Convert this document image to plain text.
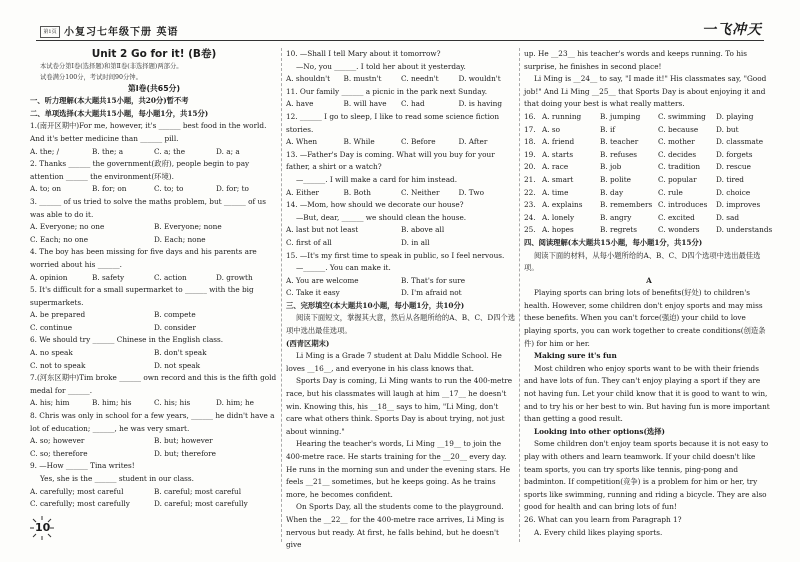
第1页 小复习七年级下册 英语	一飞冲天

Unit 2 Go for it! (B卷)

本试卷分第Ⅰ卷(选择题)和第Ⅱ卷(非选择题)两部分。

试卷满分100分，考试时间90分钟。

第Ⅰ卷(共65分)

一、听力理解(本大题共15小题，共20分)暂不考

二、单项选择(本大题共15小题，每小题1分，共15分)

1.(南开区期中)For me, however, it's ______ best food in the world. And it's better medicine than ______ pill.

A. the; /	B. the; a	C. a; the	D. a; a

2. Thanks ______ the government(政府), people begin to pay attention ______ the environment(环境).

A. to; on	B. for; on	C. to; to	D. for; to

3. ______ of us tried to solve the maths problem, but ______ of us was able to do it.

A. Everyone; no one	B. Everyone; none
C. Each; no one	D. Each; none

4. The boy has been missing for five days and his parents are worried about his ______.

A. opinion	B. safety	C. action	D. growth

5. It's difficult for a small supermarket to ______ with the big supermarkets.

A. be prepared	B. compete
C. continue	D. consider

6. We should try ______ Chinese in the English class.

A. no speak	B. don't speak
C. not to speak	D. not speak

7.(河东区期中)Tim broke ______ own record and this is the fifth gold medal for ______.

A. his; him	B. him; his	C. his; his	D. him; he

8. Chris was only in school for a few years, ______ he didn't have a lot of education; ______, he was very smart.

A. so; however	B. but; however
C. so; therefore	D. but; therefore

9. —How ______ Tina writes!

Yes, she is the ______ student in our class.

A. carefully; most careful	B. careful; most careful
C. carefully; most carefully	D. careful; most carefully

10. —Shall I tell Mary about it tomorrow?

—No, you ______. I told her about it yesterday.

A. shouldn't	B. mustn't	C. needn't	D. wouldn't

11. Our family ______ a picnic in the park next Sunday.

A. have	B. will have	C. had	D. is having

12. ______ I go to sleep, I like to read some science fiction stories.

A. When	B. While	C. Before	D. After

13. —Father's Day is coming. What will you buy for your father, a shirt or a watch?

—______. I will make a card for him instead.

A. Either	B. Both	C. Neither	D. Two

14. —Mom, how should we decorate our house?

—But, dear, ______ we should clean the house.

A. last but not least	B. above all
C. first of all	D. in all

15. —It's my first time to speak in public, so I feel nervous.

—______. You can make it.

A. You are welcome	B. That's for sure
C. Take it easy	D. I'm afraid not

三、完形填空(本大题共10小题，每小题1分，共10分)

阅读下面短文，掌握其大意，然后从各题所给的A、B、C、D四个选项中选出最佳选项。

(西青区期末)

Li Ming is a Grade 7 student at Dalu Middle School. He loves __16__, and everyone in his class knows that.

Sports Day is coming, Li Ming wants to run the 400-metre race, but his classmates will laugh at him __17__ he doesn't win. Knowing this, his __18__ says to him, "Li Ming, don't care what others think. Sports Day is about trying, not just about winning."

Hearing the teacher's words, Li Ming __19__ to join the 400-metre race. He starts training for the __20__ every day. He runs in the morning sun and under the evening stars. He feels __21__ sometimes, but he keeps going. As he trains more, he becomes confident.

On Sports Day, all the students come to the playground. When the __22__ for the 400-metre race arrives, Li Ming is nervous but ready. At first, he falls behind, but he doesn't give

up. He __23__ his teacher's words and keeps running. To his surprise, he finishes in second place!

Li Ming is __24__ to say, "I made it!" His classmates say, "Good job!" And Li Ming __25__ that Sports Day is about enjoying it and that doing your best is what really matters.

16. A. running	B. jumping	C. swimming	D. playing
17. A. so	B. if	C. because	D. but
18. A. friend	B. teacher	C. mother	D. classmate
19. A. starts	B. refuses	C. decides	D. forgets
20. A. race	B. job	C. tradition	D. rescue
21. A. smart	B. polite	C. popular	D. tired
22. A. time	B. day	C. rule	D. choice
23. A. explains	B. remembers C. introduces	D. improves
24. A. lonely	B. angry	C. excited	D. sad
25. A. hopes	B. regrets	C. wonders	D. understands

四、阅读理解(本大题共15小题，每小题1分，共15分)

阅读下面的材料，从每小题所给的A、B、C、D四个选项中选出最佳选项。

A

Playing sports can bring lots of benefits(好处) to children's health. However, some children don't enjoy sports and may miss these benefits. When you can't force(强迫) your child to love playing sports, you can work together to create conditions(创造条件) for him or her.

Making sure it's fun

Most children who enjoy sports want to be with their friends and have lots of fun. They can't enjoy playing a sport if they are not having fun. Let your child know that it is good to want to win, and to try his or her best to win. But having fun is more important than getting a good result.

Looking into other options(选择)

Some children don't enjoy team sports because it is not easy to play with others and learn teamwork. If your child doesn't like team sports, you can try sports like tennis, ping-pong and badminton. If competition(竞争) is a problem for him or her, try sports like swimming, running and riding a bicycle. They are also good for health and can bring lots of fun!

26. What can you learn from Paragraph 1?

A. Every child likes playing sports.

10
